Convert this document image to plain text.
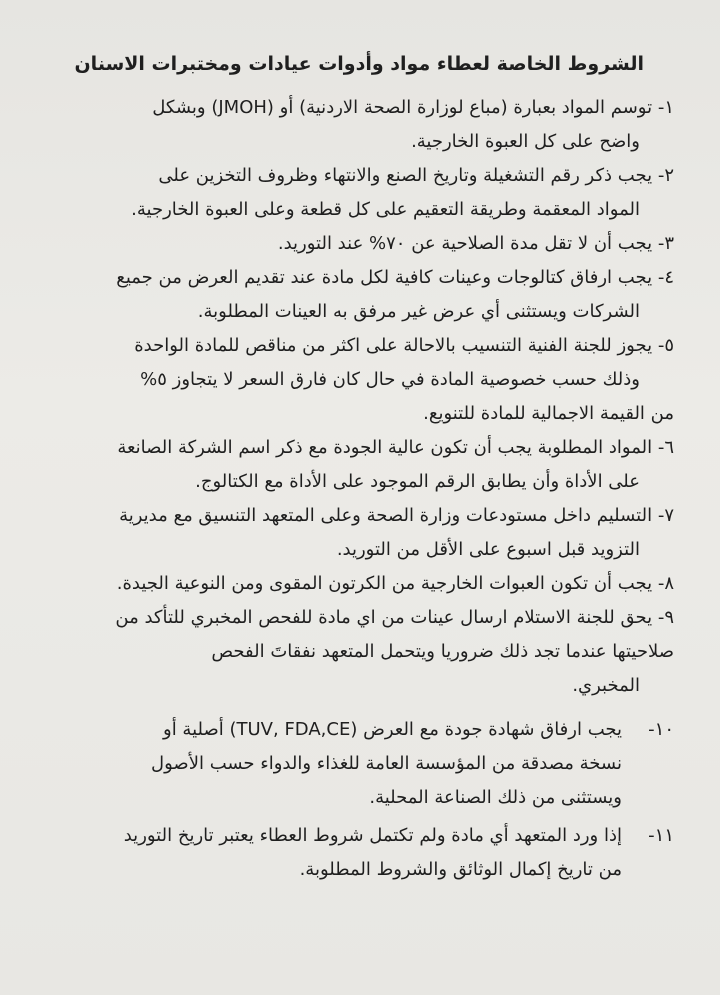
الشروط الخاصة لعطاء مواد وأدوات عيادات ومختبرات الاسنان
١- توسم المواد بعبارة (مباع لوزارة الصحة الاردنية) أو (JMOH) وبشكل
واضح على كل العبوة الخارجية.
٢- يجب ذكر رقم التشغيلة وتاريخ الصنع والانتهاء وظروف التخزين على
المواد المعقمة وطريقة التعقيم على كل قطعة وعلى العبوة الخارجية.
٣- يجب أن لا تقل مدة الصلاحية عن ٧٠% عند التوريد.
٤- يجب ارفاق كتالوجات وعينات كافية لكل مادة عند تقديم العرض من جميع
الشركات ويستثنى أي عرض غير مرفق به العينات المطلوبة.
٥- يجوز للجنة الفنية التنسيب بالاحالة على اكثر من مناقص للمادة الواحدة
وذلك حسب خصوصية المادة في حال كان فارق السعر لا يتجاوز ٥%
من القيمة الاجمالية للمادة للتنويع.
٦- المواد المطلوبة يجب أن تكون عالية الجودة مع ذكر اسم الشركة الصانعة
على الأداة وأن يطابق الرقم الموجود على الأداة مع الكتالوج.
٧- التسليم داخل مستودعات وزارة الصحة وعلى المتعهد التنسيق مع مديرية
التزويد قبل اسبوع على الأقل من التوريد.
٨- يجب أن تكون العبوات الخارجية من الكرتون المقوى ومن النوعية الجيدة.
٩- يحق للجنة الاستلام ارسال عينات من اي مادة للفحص المخبري للتأكد من
صلاحيتها عندما تجد ذلك ضروريا ويتحمل المتعهد نفقاتَ الفحص
المخبري.
١٠-
يجب ارفاق شهادة جودة مع العرض (TUV, FDA,CE) أصلية أو
نسخة مصدقة من المؤسسة العامة للغذاء والدواء حسب الأصول
ويستثنى من ذلك الصناعة المحلية.
١١-
إذا ورد المتعهد أي مادة ولم تكتمل شروط العطاء يعتبر تاريخ التوريد
من تاريخ إكمال الوثائق والشروط المطلوبة.
